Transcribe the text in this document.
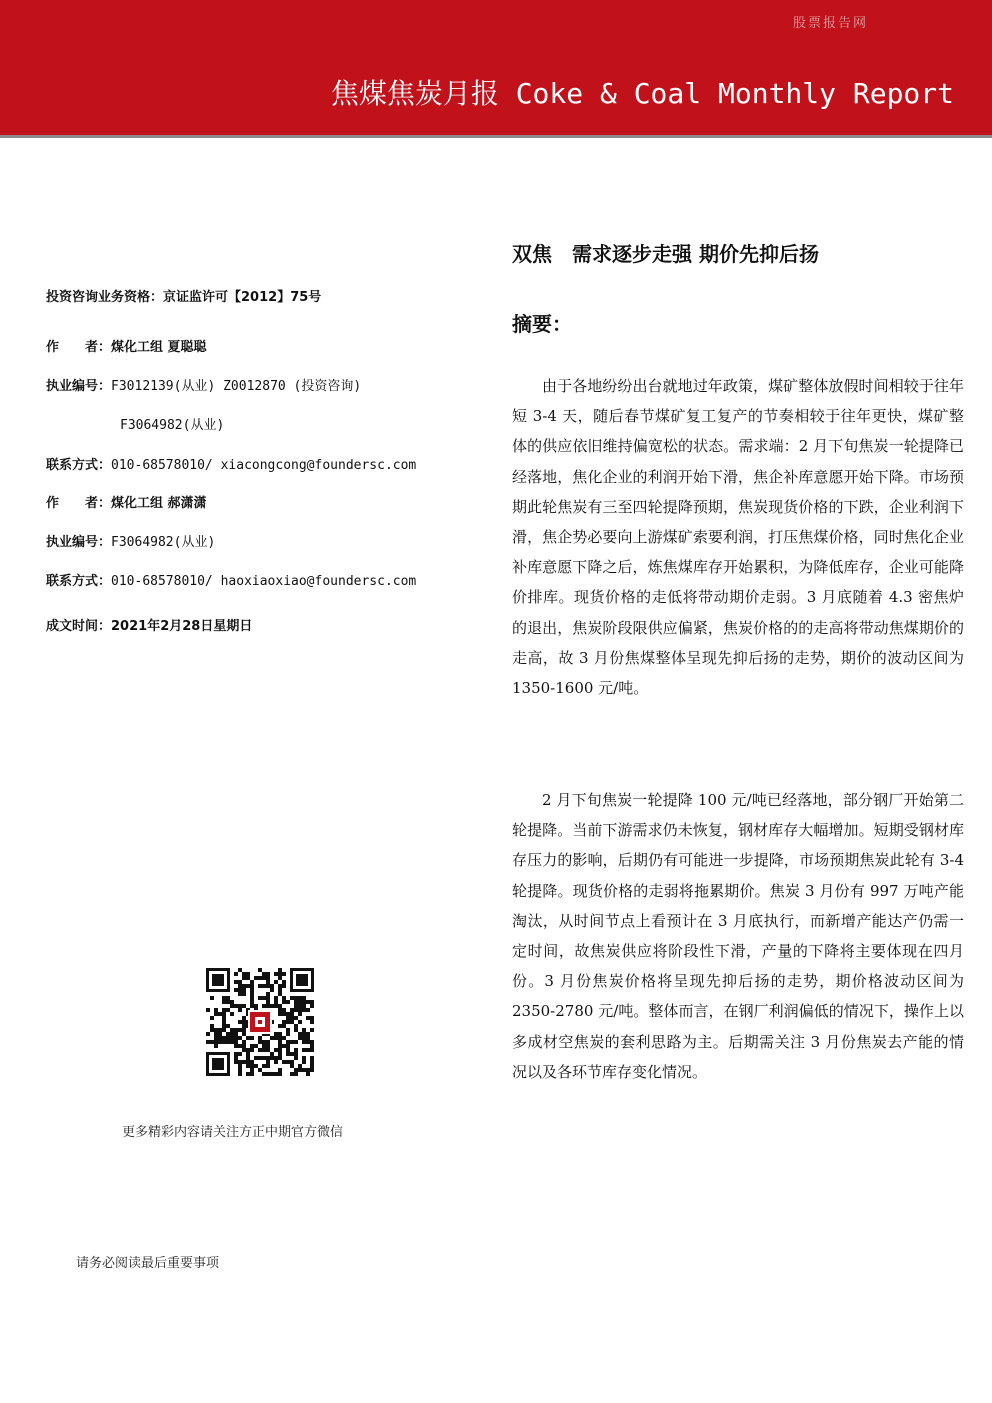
股票报告网
焦煤焦炭月报 Coke & Coal Monthly Report
投资咨询业务资格：京证监许可【2012】75号
作　　者：煤化工组 夏聪聪
执业编号：F3012139(从业) Z0012870 (投资咨询)
F3064982(从业)
联系方式：010-68578010/ xiacongcong@foundersc.com
作　　者：煤化工组 郝潇潇
执业编号：F3064982(从业)
联系方式：010-68578010/ haoxiaoxiao@foundersc.com
成文时间：2021年2月28日星期日
更多精彩内容请关注方正中期官方微信
请务必阅读最后重要事项
双焦　需求逐步走强 期价先抑后扬
摘要：
由于各地纷纷出台就地过年政策，煤矿整体放假时间相较于往年短 3-4 天，随后春节煤矿复工复产的节奏相较于往年更快，煤矿整体的供应依旧维持偏宽松的状态。需求端：2 月下旬焦炭一轮提降已经落地，焦化企业的利润开始下滑，焦企补库意愿开始下降。市场预期此轮焦炭有三至四轮提降预期，焦炭现货价格的下跌，企业利润下滑，焦企势必要向上游煤矿索要利润，打压焦煤价格，同时焦化企业补库意愿下降之后，炼焦煤库存开始累积，为降低库存，企业可能降价排库。现货价格的走低将带动期价走弱。3 月底随着 4.3 密焦炉的退出，焦炭阶段限供应偏紧，焦炭价格的的走高将带动焦煤期价的走高，故 3 月份焦煤整体呈现先抑后扬的走势，期价的波动区间为 1350-1600 元/吨。
2 月下旬焦炭一轮提降 100 元/吨已经落地，部分钢厂开始第二轮提降。当前下游需求仍未恢复，钢材库存大幅增加。短期受钢材库存压力的影响，后期仍有可能进一步提降，市场预期焦炭此轮有 3-4 轮提降。现货价格的走弱将拖累期价。焦炭 3 月份有 997 万吨产能淘汰，从时间节点上看预计在 3 月底执行，而新增产能达产仍需一定时间，故焦炭供应将阶段性下滑，产量的下降将主要体现在四月份。3 月份焦炭价格将呈现先抑后扬的走势，期价格波动区间为 2350-2780 元/吨。整体而言，在钢厂利润偏低的情况下，操作上以多成材空焦炭的套利思路为主。后期需关注 3 月份焦炭去产能的情况以及各环节库存变化情况。
